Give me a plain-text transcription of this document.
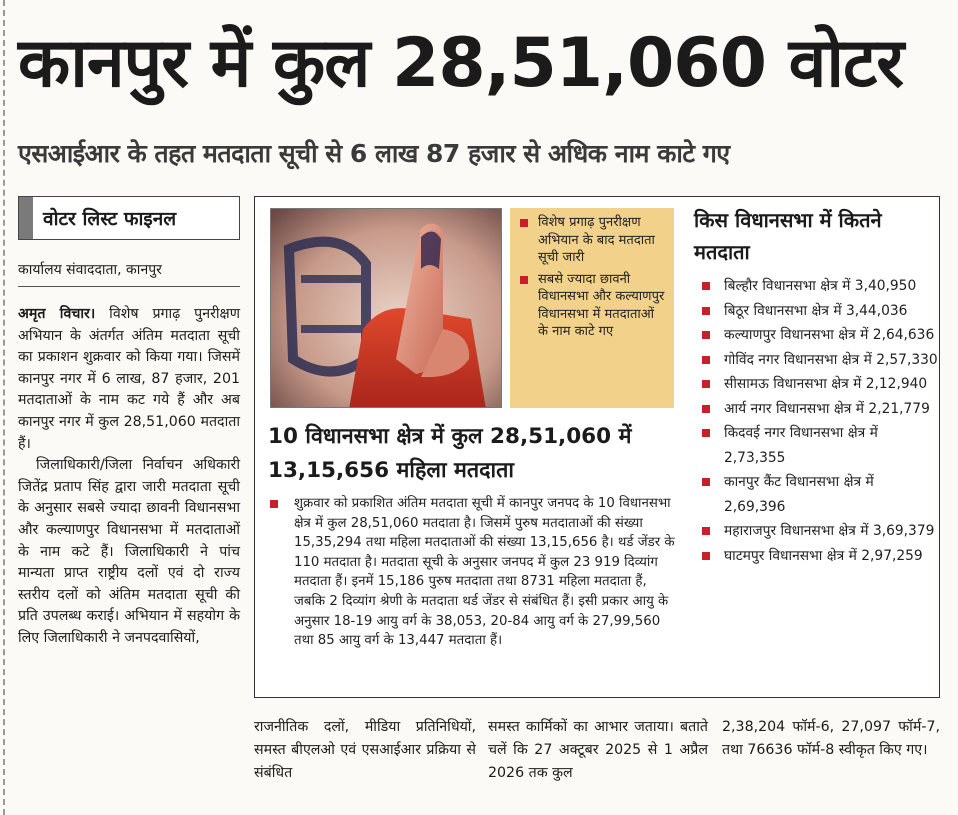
कानपुर में कुल 28,51,060 वोटर
एसआईआर के तहत मतदाता सूची से 6 लाख 87 हजार से अधिक नाम काटे गए
वोटर लिस्ट फाइनल
कार्यालय संवाददाता, कानपुर

अमृत विचार। विशेष प्रगाढ़ पुनरीक्षण अभियान के अंतर्गत अंतिम मतदाता सूची का प्रकाशन शुक्रवार को किया गया। जिसमें कानपुर नगर में 6 लाख, 87 हजार, 201 मतदाताओं के नाम कट गये हैं और अब कानपुर नगर में कुल 28,51,060 मतदाता हैं।

जिलाधिकारी/जिला निर्वाचन अधिकारी जितेंद्र प्रताप सिंह द्वारा जारी मतदाता सूची के अनुसार सबसे ज्यादा छावनी विधानसभा और कल्याणपुर विधानसभा में मतदाताओं के नाम कटे हैं। जिलाधिकारी ने पांच मान्यता प्राप्त राष्ट्रीय दलों एवं दो राज्य स्तरीय दलों को अंतिम मतदाता सूची की प्रति उपलब्ध कराई। अभियान में सहयोग के लिए जिलाधिकारी ने जनपदवासियों,

विशेष प्रगाढ़ पुनरीक्षण अभियान के बाद मतदाता सूची जारी
सबसे ज्यादा छावनी विधानसभा और कल्याणपुर विधानसभा में मतदाताओं के नाम काटे गए
10 विधानसभा क्षेत्र में कुल 28,51,060 में
13,15,656 महिला मतदाता
शुक्रवार को प्रकाशित अंतिम मतदाता सूची में कानपुर जनपद के 10 विधानसभा क्षेत्र में कुल 28,51,060 मतदाता है। जिसमें पुरुष मतदाताओं की संख्या 15,35,294 तथा महिला मतदाताओं की संख्या 13,15,656 है। थर्ड जेंडर के 110 मतदाता है। मतदाता सूची के अनुसार जनपद में कुल 23 919 दिव्यांग मतदाता हैं। इनमें 15,186 पुरुष मतदाता तथा 8731 महिला मतदाता हैं, जबकि 2 दिव्यांग श्रेणी के मतदाता थर्ड जेंडर से संबंधित हैं। इसी प्रकार आयु के अनुसार 18-19 आयु वर्ग के 38,053, 20-84 आयु वर्ग के 27,99,560 तथा 85 आयु वर्ग के 13,447 मतदाता हैं।
किस विधानसभा में कितने मतदाता
बिल्हौर विधानसभा क्षेत्र में 3,40,950
बिठूर विधानसभा क्षेत्र में 3,44,036
कल्याणपुर विधानसभा क्षेत्र में 2,64,636
गोविंद नगर विधानसभा क्षेत्र में 2,57,330
सीसामऊ विधानसभा क्षेत्र में 2,12,940
आर्य नगर विधानसभा क्षेत्र में 2,21,779
किदवई नगर विधानसभा क्षेत्र में 2,73,355
कानपुर कैंट विधानसभा क्षेत्र में 2,69,396
महाराजपुर विधानसभा क्षेत्र में 3,69,379
घाटमपुर विधानसभा क्षेत्र में 2,97,259
राजनीतिक दलों, मीडिया प्रतिनिधियों, समस्त बीएलओ एवं एसआईआर प्रक्रिया से संबंधित
समस्त कार्मिकों का आभार जताया। बताते चलें कि 27 अक्टूबर 2025 से 1 अप्रैल 2026 तक कुल
2,38,204 फॉर्म-6, 27,097 फॉर्म-7, तथा 76636 फॉर्म-8 स्वीकृत किए गए।
